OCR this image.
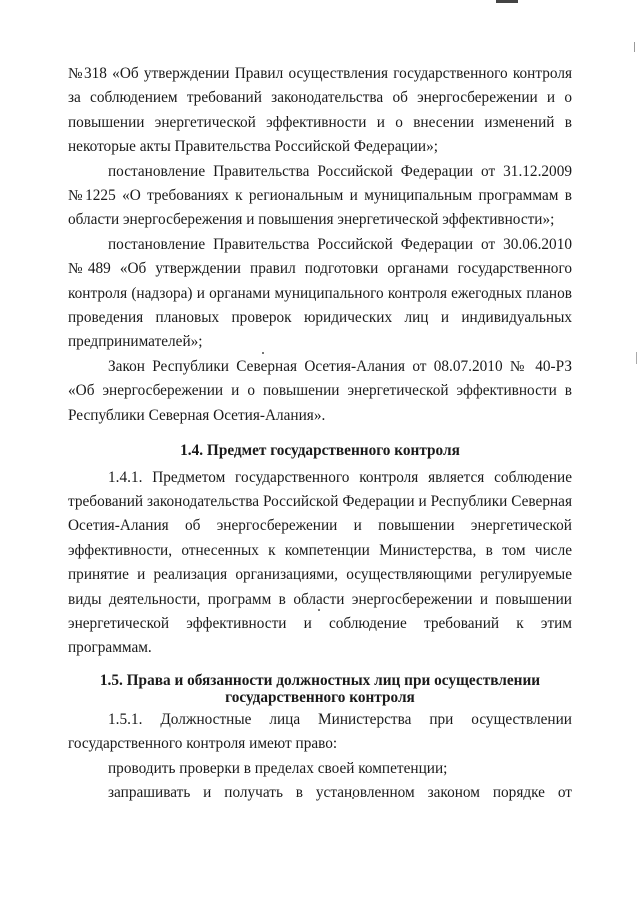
№318 «Об утверждении Правил осуществления государственного контроля за соблюдением требований законодательства об энергосбережении и о повышении энергетической эффективности и о внесении изменений в некоторые акты Правительства Российской Федерации»;

постановление Правительства Российской Федерации от 31.12.2009 №1225 «О требованиях к региональным и муниципальным программам в области энергосбережения и повышения энергетической эффективности»;

постановление Правительства Российской Федерации от 30.06.2010 №489 «Об утверждении правил подготовки органами государственного контроля (надзора) и органами муниципального контроля ежегодных планов проведения плановых проверок юридических лиц и индивидуальных предпринимателей»;

Закон Республики Северная Осетия-Алания от 08.07.2010 № 40-РЗ «Об энергосбережении и о повышении энергетической эффективности в Республики Северная Осетия-Алания».

1.4. Предмет государственного контроля

1.4.1. Предметом государственного контроля является соблюдение требований законодательства Российской Федерации и Республики Северная Осетия-Алания об энергосбережении и повышении энергетической эффективности, отнесенных к компетенции Министерства, в том числе принятие и реализация организациями, осуществляющими регулируемые виды деятельности, программ в области энергосбережении и повышении энергетической эффективности и соблюдение требований к этим программам.

1.5. Права и обязанности должностных лиц при осуществлении
государственного контроля

1.5.1. Должностные лица Министерства при осуществлении государственного контроля имеют право:

проводить проверки в пределах своей компетенции;

запрашивать и получать в установленном законом порядке от
